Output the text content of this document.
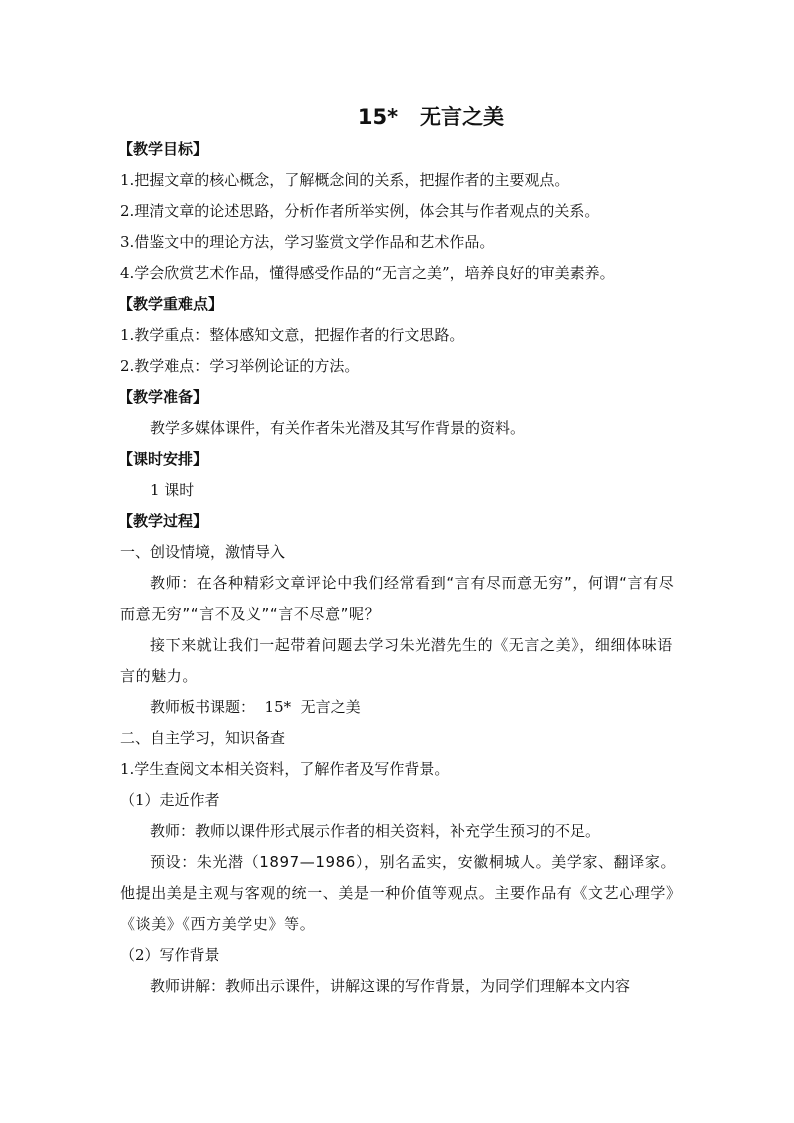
15*   无言之美
【教学目标】
1.把握文章的核心概念，了解概念间的关系，把握作者的主要观点。
2.理清文章的论述思路，分析作者所举实例，体会其与作者观点的关系。
3.借鉴文中的理论方法，学习鉴赏文学作品和艺术作品。
4.学会欣赏艺术作品，懂得感受作品的“无言之美”，培养良好的审美素养。
【教学重难点】
1.教学重点：整体感知文意，把握作者的行文思路。
2.教学难点：学习举例论证的方法。
【教学准备】
教学多媒体课件，有关作者朱光潜及其写作背景的资料。
【课时安排】
1 课时
【教学过程】
一、创设情境，激情导入
教师：在各种精彩文章评论中我们经常看到“言有尽而意无穷”，何谓“言有尽而意无穷”“言不及义”“言不尽意”呢？
接下来就让我们一起带着问题去学习朱光潜先生的《无言之美》，细细体味语言的魅力。
教师板书课题：  15*  无言之美
二、自主学习，知识备查
1.学生查阅文本相关资料，了解作者及写作背景。
（1）走近作者
教师：教师以课件形式展示作者的相关资料，补充学生预习的不足。
预设：朱光潜（1897—1986），别名孟实，安徽桐城人。美学家、翻译家。他提出美是主观与客观的统一、美是一种价值等观点。主要作品有《文艺心理学》《谈美》《西方美学史》等。
（2）写作背景
教师讲解：教师出示课件，讲解这课的写作背景，为同学们理解本文内容
